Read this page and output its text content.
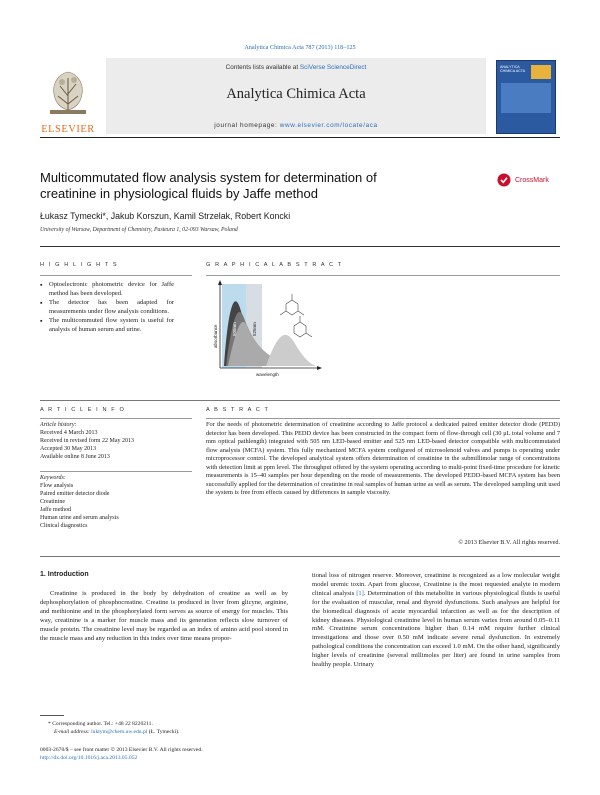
Analytica Chimica Acta 787 (2013) 118–125
ELSEVIER
Contents lists available at SciVerse ScienceDirect
Analytica Chimica Acta
journal homepage: www.elsevier.com/locate/aca
ANALYTICA CHIMICA ACTA
Multicommutated flow analysis system for determination of
creatinine in physiological fluids by Jaffe method
CrossMark
Łukasz Tymecki*, Jakub Korszun, Kamil Strzelak, Robert Koncki
University of Warsaw, Department of Chemistry, Pasteura 1, 02-093 Warsaw, Poland
H I G H L I G H T S
▪ Optoelectronic photometric device for Jaffe method has been developed.
▪ The detector has been adapted for measurements under flow analysis conditions.
▪ The multicommuted flow system is useful for analysis of human serum and urine.
G R A P H I C A L A B S T R A C T
absorbance
wavelength
505nm	525nm
A R T I C L E I N F O
Article history:
Received 4 March 2013
Received in revised form 22 May 2013
Accepted 30 May 2013
Available online 8 June 2013
Keywords:
Flow analysis
Paired emitter detector diode
Creatinine
Jaffe method
Human urine and serum analysis
Clinical diagnostics
A B S T R A C T
For the needs of photometric determination of creatinine according to Jaffe protocol a dedicated paired emitter detector diode (PEDD) detector has been developed. This PEDD device has been constructed in the compact form of flow-through cell (30 μL total volume and 7 mm optical pathlength) integrated with 505 nm LED-based emitter and 525 nm LED-based detector compatible with multicommutated flow analysis (MCFA) system. This fully mechanized MCFA system configured of microsolenoid valves and pumps is operating under microprocessor control. The developed analytical system offers determination of creatinine in the submillimolar range of concentrations with detection limit at ppm level. The throughput offered by the system operating according to multi-point fixed-time procedure for kinetic measurements is 15–40 samples per hour depending on the mode of measurements. The developed PEDD-based MCFA system has been successfully applied for the determination of creatinine in real samples of human urine as well as serum. The developed sampling unit used the system is free from effects caused by differences in sample viscosity.
© 2013 Elsevier B.V. All rights reserved.
1. Introduction
Creatinine is produced in the body by dehydration of creatine as well as by dephosphorylation of phosphocreatine. Creatine is produced in liver from glicyne, arginine, and methionine and in the phosphorylated form serves as source of energy for muscles. This way, creatinine is a marker for muscle mass and its generation reflects slow turnover of muscle protein. The creatinine level may be regarded as an index of amino acid pool stored in the muscle mass and any reduction in this index over time means propor-
tional loss of nitrogen reserve. Moreover, creatinine is recognized as a low molecular weight model uremic toxin. Apart from glucose, Creatinine is the most requested analyte in modern clinical analysis [1]. Determination of this metabolite in various physiological fluids is useful for the evaluation of muscular, renal and thyroid dysfunctions. Such analyses are helpful for the biomedical diagnosis of acute myocardial infarction as well as for the description of kidney diseases. Physiological creatinine level in human serum varies from around 0.05–0.11 mM. Creatinine serum concentrations higher than 0.14 mM require further clinical investigations and those over 0.50 mM indicate severe renal dysfunction. In extremely pathological conditions the concentration can exceed 1.0 mM. On the other hand, significantly higher levels of creatinine (several millimoles per liter) are found in urine samples from healthy people. Urinary
* Corresponding author. Tel.: +48 22 8220211.
E-mail address: luktym@chem.uw.edu.pl (Ł. Tymecki).
0003-2670/$ – see front matter © 2013 Elsevier B.V. All rights reserved.
http://dx.doi.org/10.1016/j.aca.2013.05.052
